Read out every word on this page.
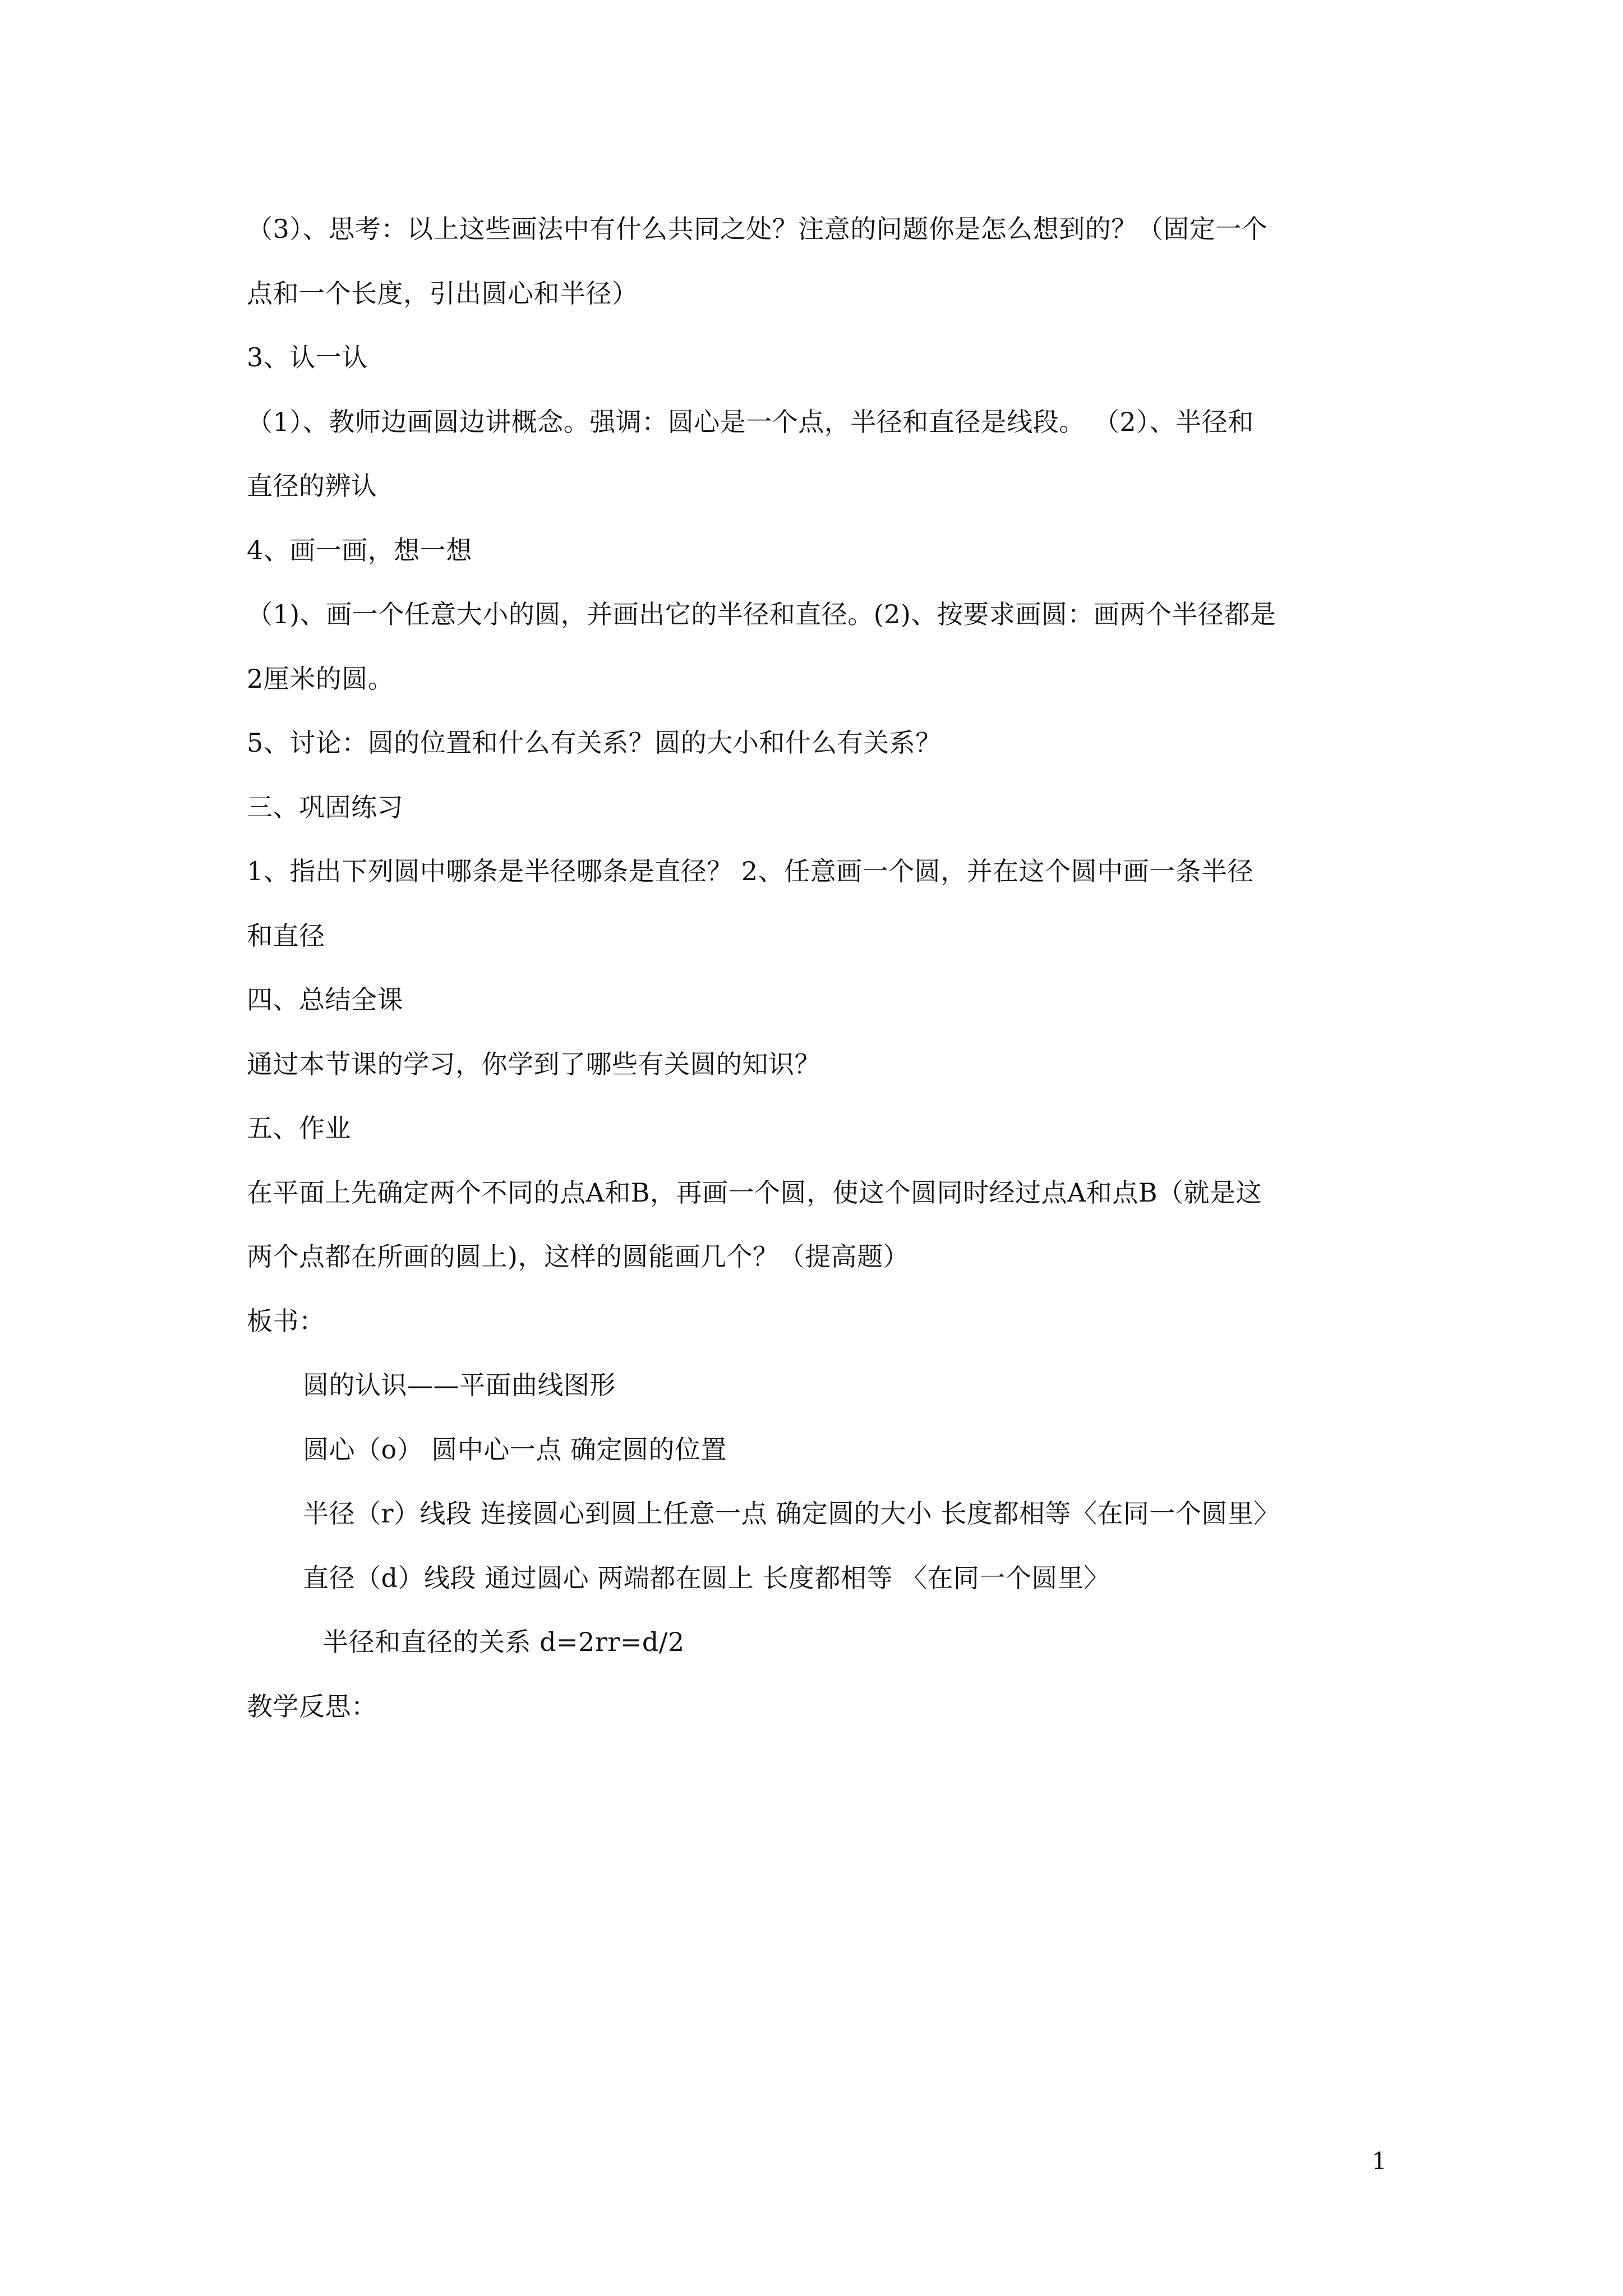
（3）、思考：以上这些画法中有什么共同之处？注意的问题你是怎么想到的？（固定一个
点和一个长度，引出圆心和半径）
3、认一认
（1）、教师边画圆边讲概念。强调：圆心是一个点，半径和直径是线段。 （2）、半径和
直径的辨认
4、画一画，想一想
（1)、画一个任意大小的圆，并画出它的半径和直径。(2)、按要求画圆：画两个半径都是
2厘米的圆。
5、讨论：圆的位置和什么有关系？圆的大小和什么有关系？
三、巩固练习
1、指出下列圆中哪条是半径哪条是直径？ 2、任意画一个圆，并在这个圆中画一条半径
和直径
四、总结全课
通过本节课的学习，你学到了哪些有关圆的知识？
五、作业
在平面上先确定两个不同的点A和B，再画一个圆，使这个圆同时经过点A和点B（就是这
两个点都在所画的圆上)，这样的圆能画几个？（提高题）
板书：
圆的认识——平面曲线图形
圆心（o） 圆中心一点 确定圆的位置
半径（r）线段 连接圆心到圆上任意一点 确定圆的大小 长度都相等〈在同一个圆里〉
直径（d）线段 通过圆心 两端都在圆上 长度都相等 〈在同一个圆里〉
半径和直径的关系 d=2rr=d/2
教学反思：
1
